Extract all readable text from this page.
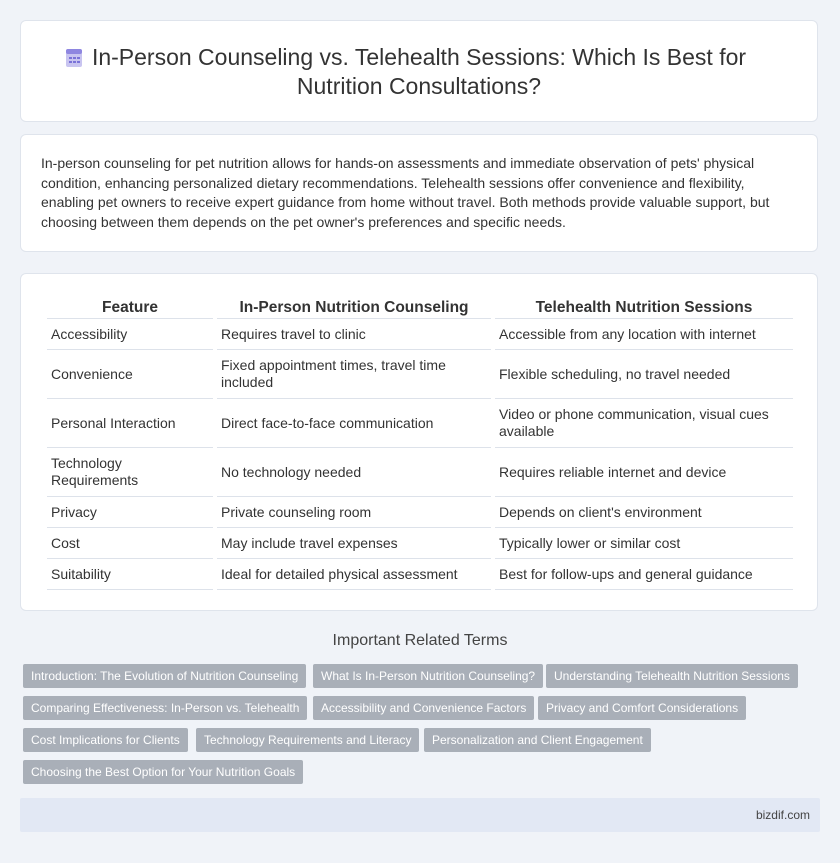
In-Person Counseling vs. Telehealth Sessions: Which Is Best for Nutrition Consultations?

In-person counseling for pet nutrition allows for hands-on assessments and immediate observation of pets' physical condition, enhancing personalized dietary recommendations. Telehealth sessions offer convenience and flexibility, enabling pet owners to receive expert guidance from home without travel. Both methods provide valuable support, but choosing between them depends on the pet owner's preferences and specific needs.

Feature	In-Person Nutrition Counseling	Telehealth Nutrition Sessions
Accessibility	Requires travel to clinic	Accessible from any location with internet
Convenience	Fixed appointment times, travel time included	Flexible scheduling, no travel needed
Personal Interaction	Direct face-to-face communication	Video or phone communication, visual cues available
Technology Requirements	No technology needed	Requires reliable internet and device
Privacy	Private counseling room	Depends on client's environment
Cost	May include travel expenses	Typically lower or similar cost
Suitability	Ideal for detailed physical assessment	Best for follow-ups and general guidance
Important Related Terms
Introduction: The Evolution of Nutrition Counseling	What Is In-Person Nutrition Counseling?	Understanding Telehealth Nutrition Sessions
Comparing Effectiveness: In-Person vs. Telehealth	Accessibility and Convenience Factors	Privacy and Comfort Considerations
Cost Implications for Clients	Technology Requirements and Literacy	Personalization and Client Engagement
Choosing the Best Option for Your Nutrition Goals
bizdif.com
